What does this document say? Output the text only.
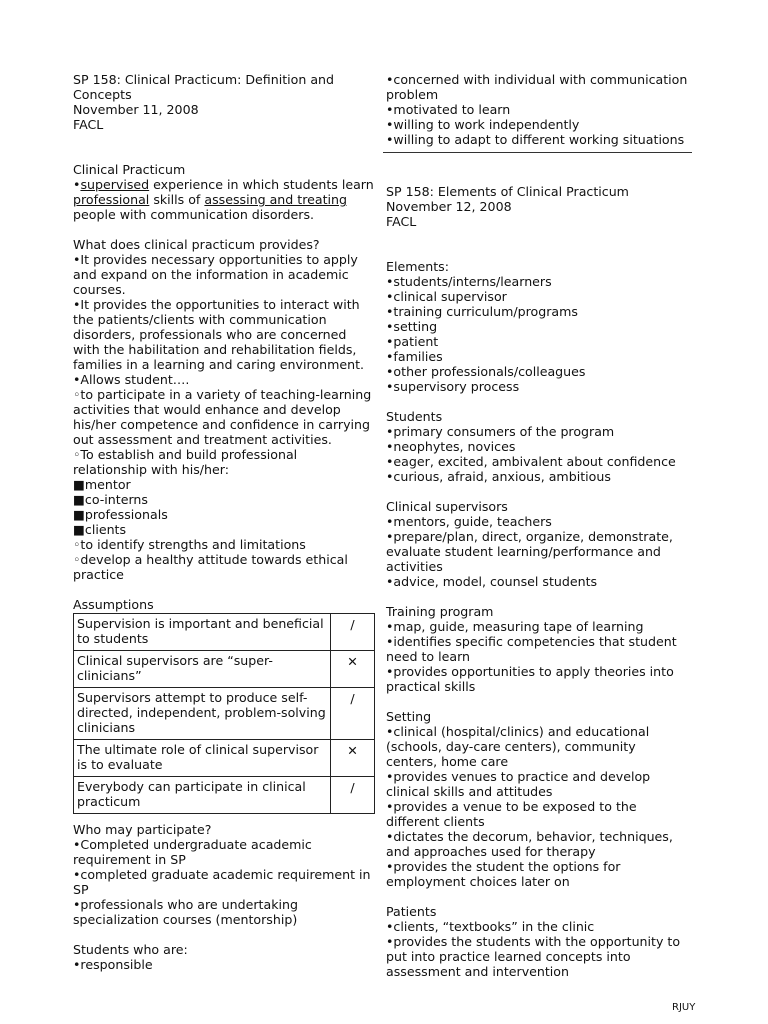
SP 158: Clinical Practicum: Definition and
Concepts
November 11, 2008
FACL
Clinical Practicum
•supervised experience in which students learn
professional skills of assessing and treating
people with communication disorders.
What does clinical practicum provides?
•It provides necessary opportunities to apply
and expand on the information in academic
courses.
•It provides the opportunities to interact with
the patients/clients with communication
disorders, professionals who are concerned
with the habilitation and rehabilitation fields,
families in a learning and caring environment.
•Allows student….
◦to participate in a variety of teaching-learning
activities that would enhance and develop
his/her competence and confidence in carrying
out assessment and treatment activities.
◦To establish and build professional
relationship with his/her:
■mentor
■co-interns
■professionals
■clients
◦to identify strengths and limitations
◦develop a healthy attitude towards ethical
practice
Assumptions
Supervision is important and beneficial to students	/
Clinical supervisors are “super-clinicians”	✕
Supervisors attempt to produce self-directed, independent, problem-solving clinicians	/
The ultimate role of clinical supervisor is to evaluate	✕
Everybody can participate in clinical practicum	/
Who may participate?
•Completed undergraduate academic
requirement in SP
•completed graduate academic requirement in
SP
•professionals who are undertaking
specialization courses (mentorship)
Students who are:
•responsible
•concerned with individual with communication
problem
•motivated to learn
•willing to work independently
•willing to adapt to different working situations
SP 158: Elements of Clinical Practicum
November 12, 2008
FACL
Elements:
•students/interns/learners
•clinical supervisor
•training curriculum/programs
•setting
•patient
•families
•other professionals/colleagues
•supervisory process
Students
•primary consumers of the program
•neophytes, novices
•eager, excited, ambivalent about confidence
•curious, afraid, anxious, ambitious
Clinical supervisors
•mentors, guide, teachers
•prepare/plan, direct, organize, demonstrate,
evaluate student learning/performance and
activities
•advice, model, counsel students
Training program
•map, guide, measuring tape of learning
•identifies specific competencies that student
need to learn
•provides opportunities to apply theories into
practical skills
Setting
•clinical (hospital/clinics) and educational
(schools, day-care centers), community
centers, home care
•provides venues to practice and develop
clinical skills and attitudes
•provides a venue to be exposed to the
different clients
•dictates the decorum, behavior, techniques,
and approaches used for therapy
•provides the student the options for
employment choices later on
Patients
•clients, “textbooks” in the clinic
•provides the students with the opportunity to
put into practice learned concepts into
assessment and intervention
RJUY
